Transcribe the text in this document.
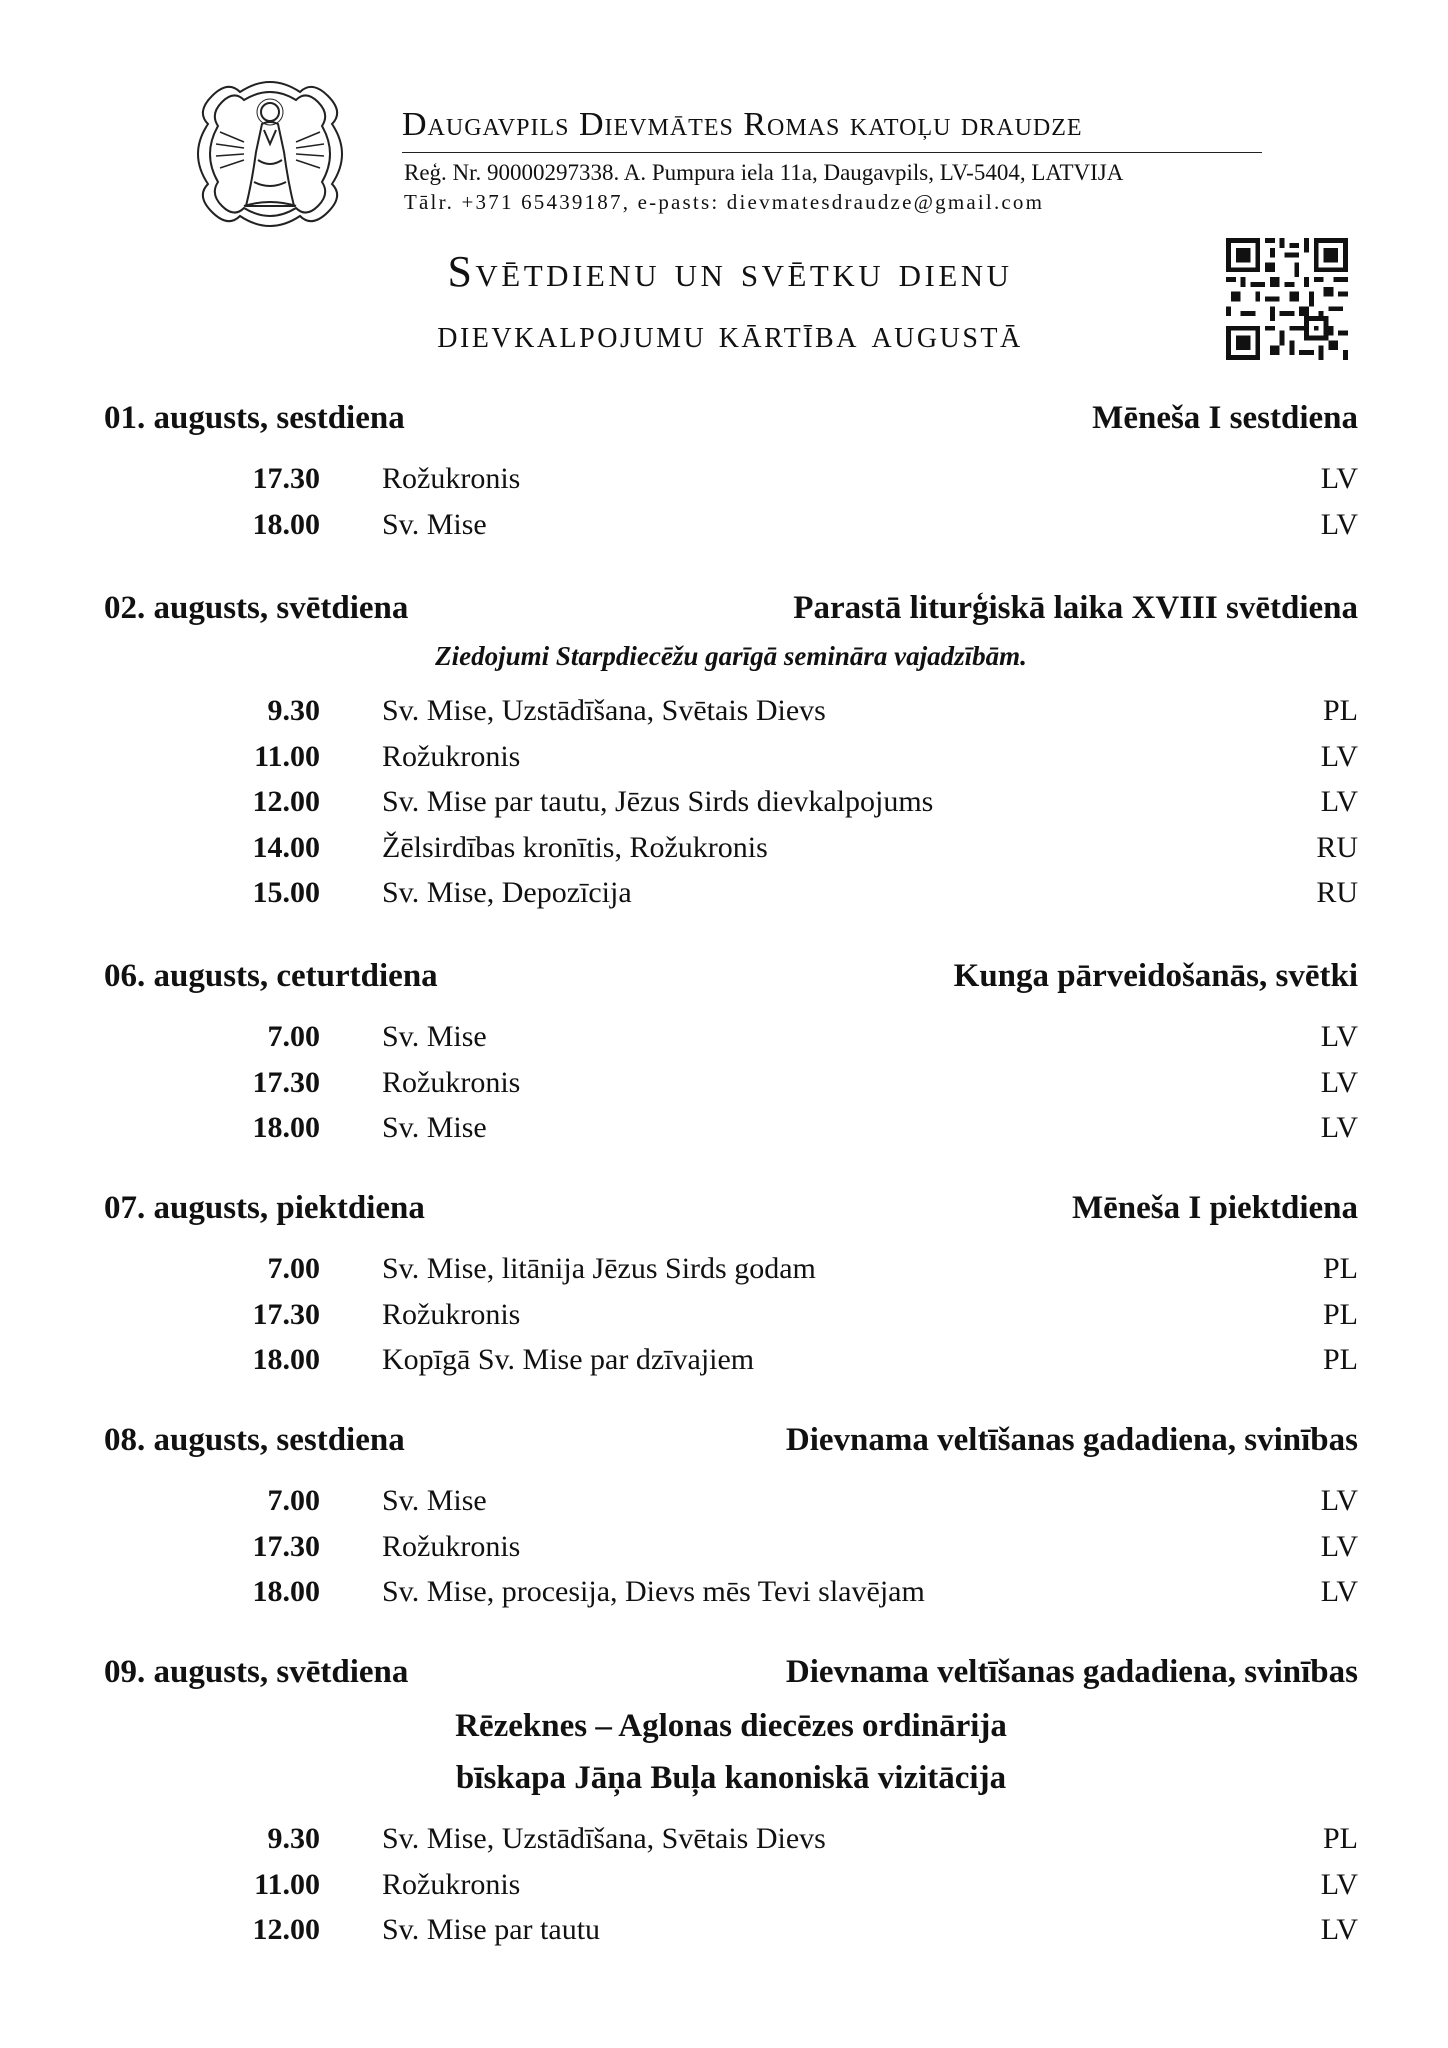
Daugavpils Dievmātes Romas katoļu draudze
Reģ. Nr. 90000297338. A. Pumpura iela 11a, Daugavpils, LV-5404, LATVIJA
Tālr. +371 65439187, e-pasts: dievmatesdraudze@gmail.com
Svētdienu un svētku dienu
dievkalpojumu kārtība augustā
01. augusts, sestdiena	Mēneša I sestdiena
17.30 Rožukronis	LV
18.00 Sv. Mise	LV
02. augusts, svētdiena	Parastā liturģiskā laika XVIII svētdiena
Ziedojumi Starpdiecēžu garīgā semināra vajadzībām.
9.30 Sv. Mise, Uzstādīšana, Svētais Dievs	PL
11.00 Rožukronis	LV
12.00 Sv. Mise par tautu, Jēzus Sirds dievkalpojums	LV
14.00 Žēlsirdības kronītis, Rožukronis	RU
15.00 Sv. Mise, Depozīcija	RU
06. augusts, ceturtdiena	Kunga pārveidošanās, svētki
7.00 Sv. Mise	LV
17.30 Rožukronis	LV
18.00 Sv. Mise	LV
07. augusts, piektdiena	Mēneša I piektdiena
7.00 Sv. Mise, litānija Jēzus Sirds godam	PL
17.30 Rožukronis	PL
18.00 Kopīgā Sv. Mise par dzīvajiem	PL
08. augusts, sestdiena	Dievnama veltīšanas gadadiena, svinības
7.00 Sv. Mise	LV
17.30 Rožukronis	LV
18.00 Sv. Mise, procesija, Dievs mēs Tevi slavējam	LV
09. augusts, svētdiena	Dievnama veltīšanas gadadiena, svinības
Rēzeknes – Aglonas diecēzes ordinārija
bīskapa Jāņa Buļa kanoniskā vizitācija
9.30 Sv. Mise, Uzstādīšana, Svētais Dievs	PL
11.00 Rožukronis	LV
12.00 Sv. Mise par tautu	LV
